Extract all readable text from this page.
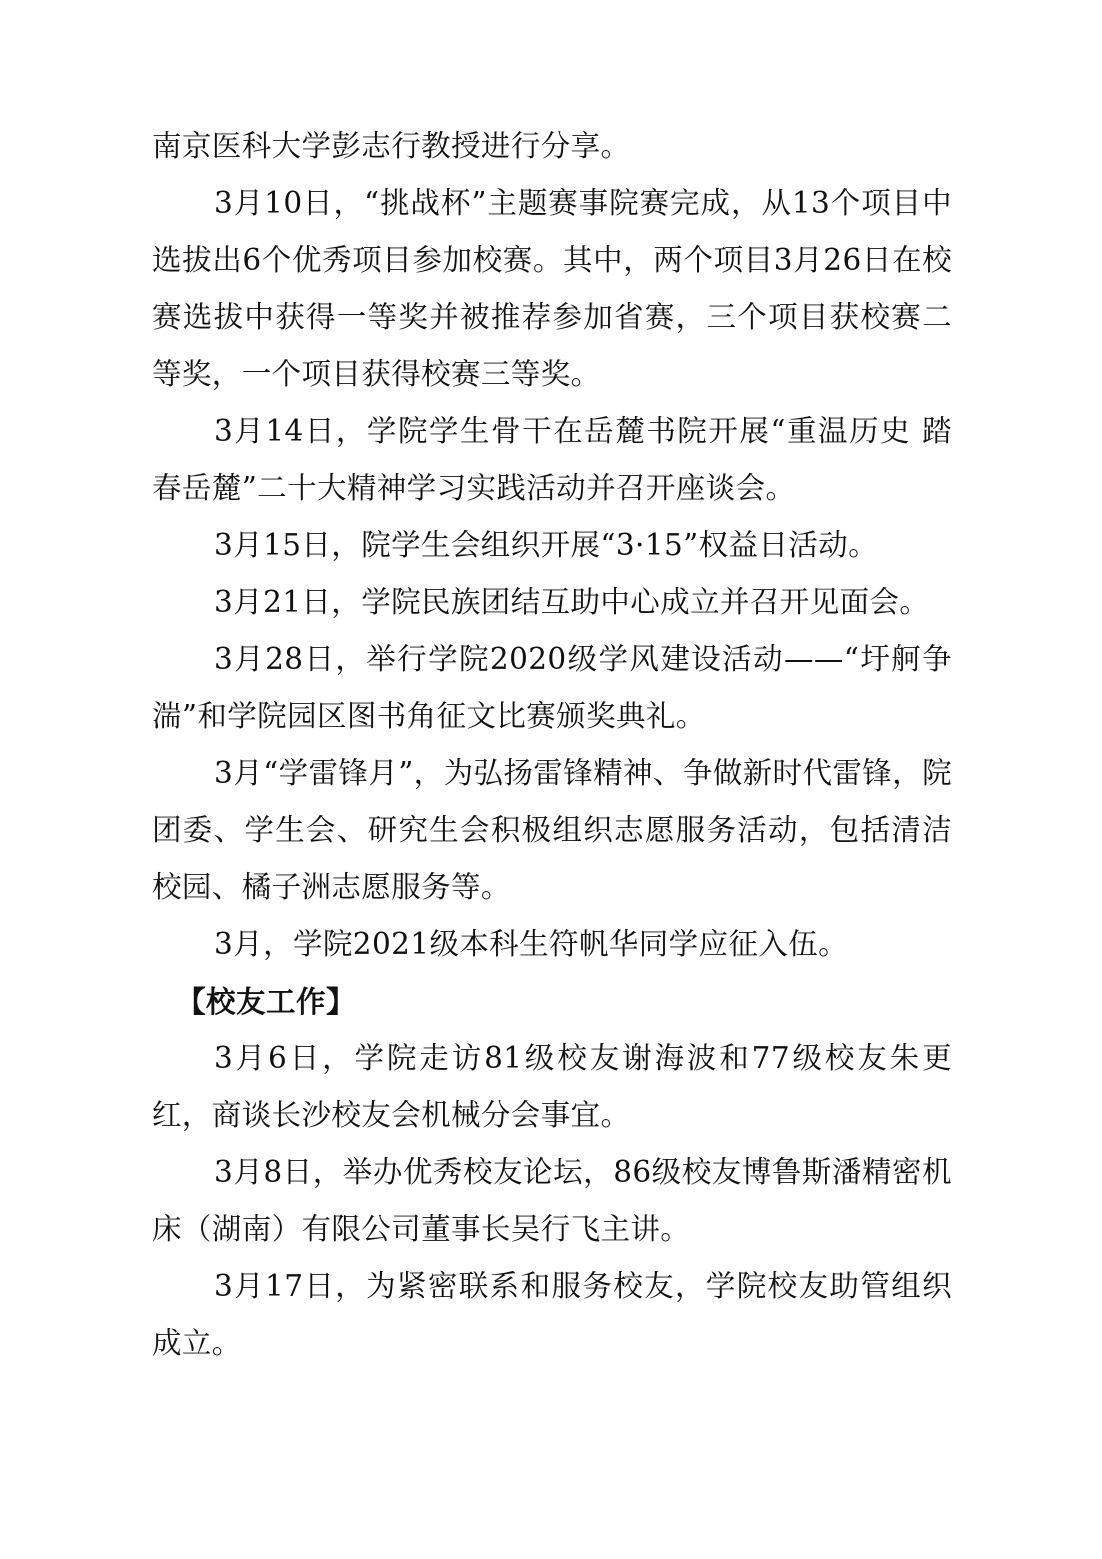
南京医科大学彭志行教授进行分享。

3月10日，“挑战杯”主题赛事院赛完成，从13个项目中选拔出6个优秀项目参加校赛。其中，两个项目3月26日在校赛选拔中获得一等奖并被推荐参加省赛，三个项目获校赛二等奖，一个项目获得校赛三等奖。

3月14日，学院学生骨干在岳麓书院开展“重温历史 踏春岳麓”二十大精神学习实践活动并召开座谈会。

3月15日，院学生会组织开展“3·15”权益日活动。

3月21日，学院民族团结互助中心成立并召开见面会。

3月28日，举行学院2020级学风建设活动——“圩舸争湍”和学院园区图书角征文比赛颁奖典礼。

3月“学雷锋月”，为弘扬雷锋精神、争做新时代雷锋，院团委、学生会、研究生会积极组织志愿服务活动，包括清洁校园、橘子洲志愿服务等。

3月，学院2021级本科生符帆华同学应征入伍。

【校友工作】

3月6日，学院走访81级校友谢海波和77级校友朱更红，商谈长沙校友会机械分会事宜。

3月8日，举办优秀校友论坛，86级校友博鲁斯潘精密机床（湖南）有限公司董事长吴行飞主讲。

3月17日，为紧密联系和服务校友，学院校友助管组织成立。
